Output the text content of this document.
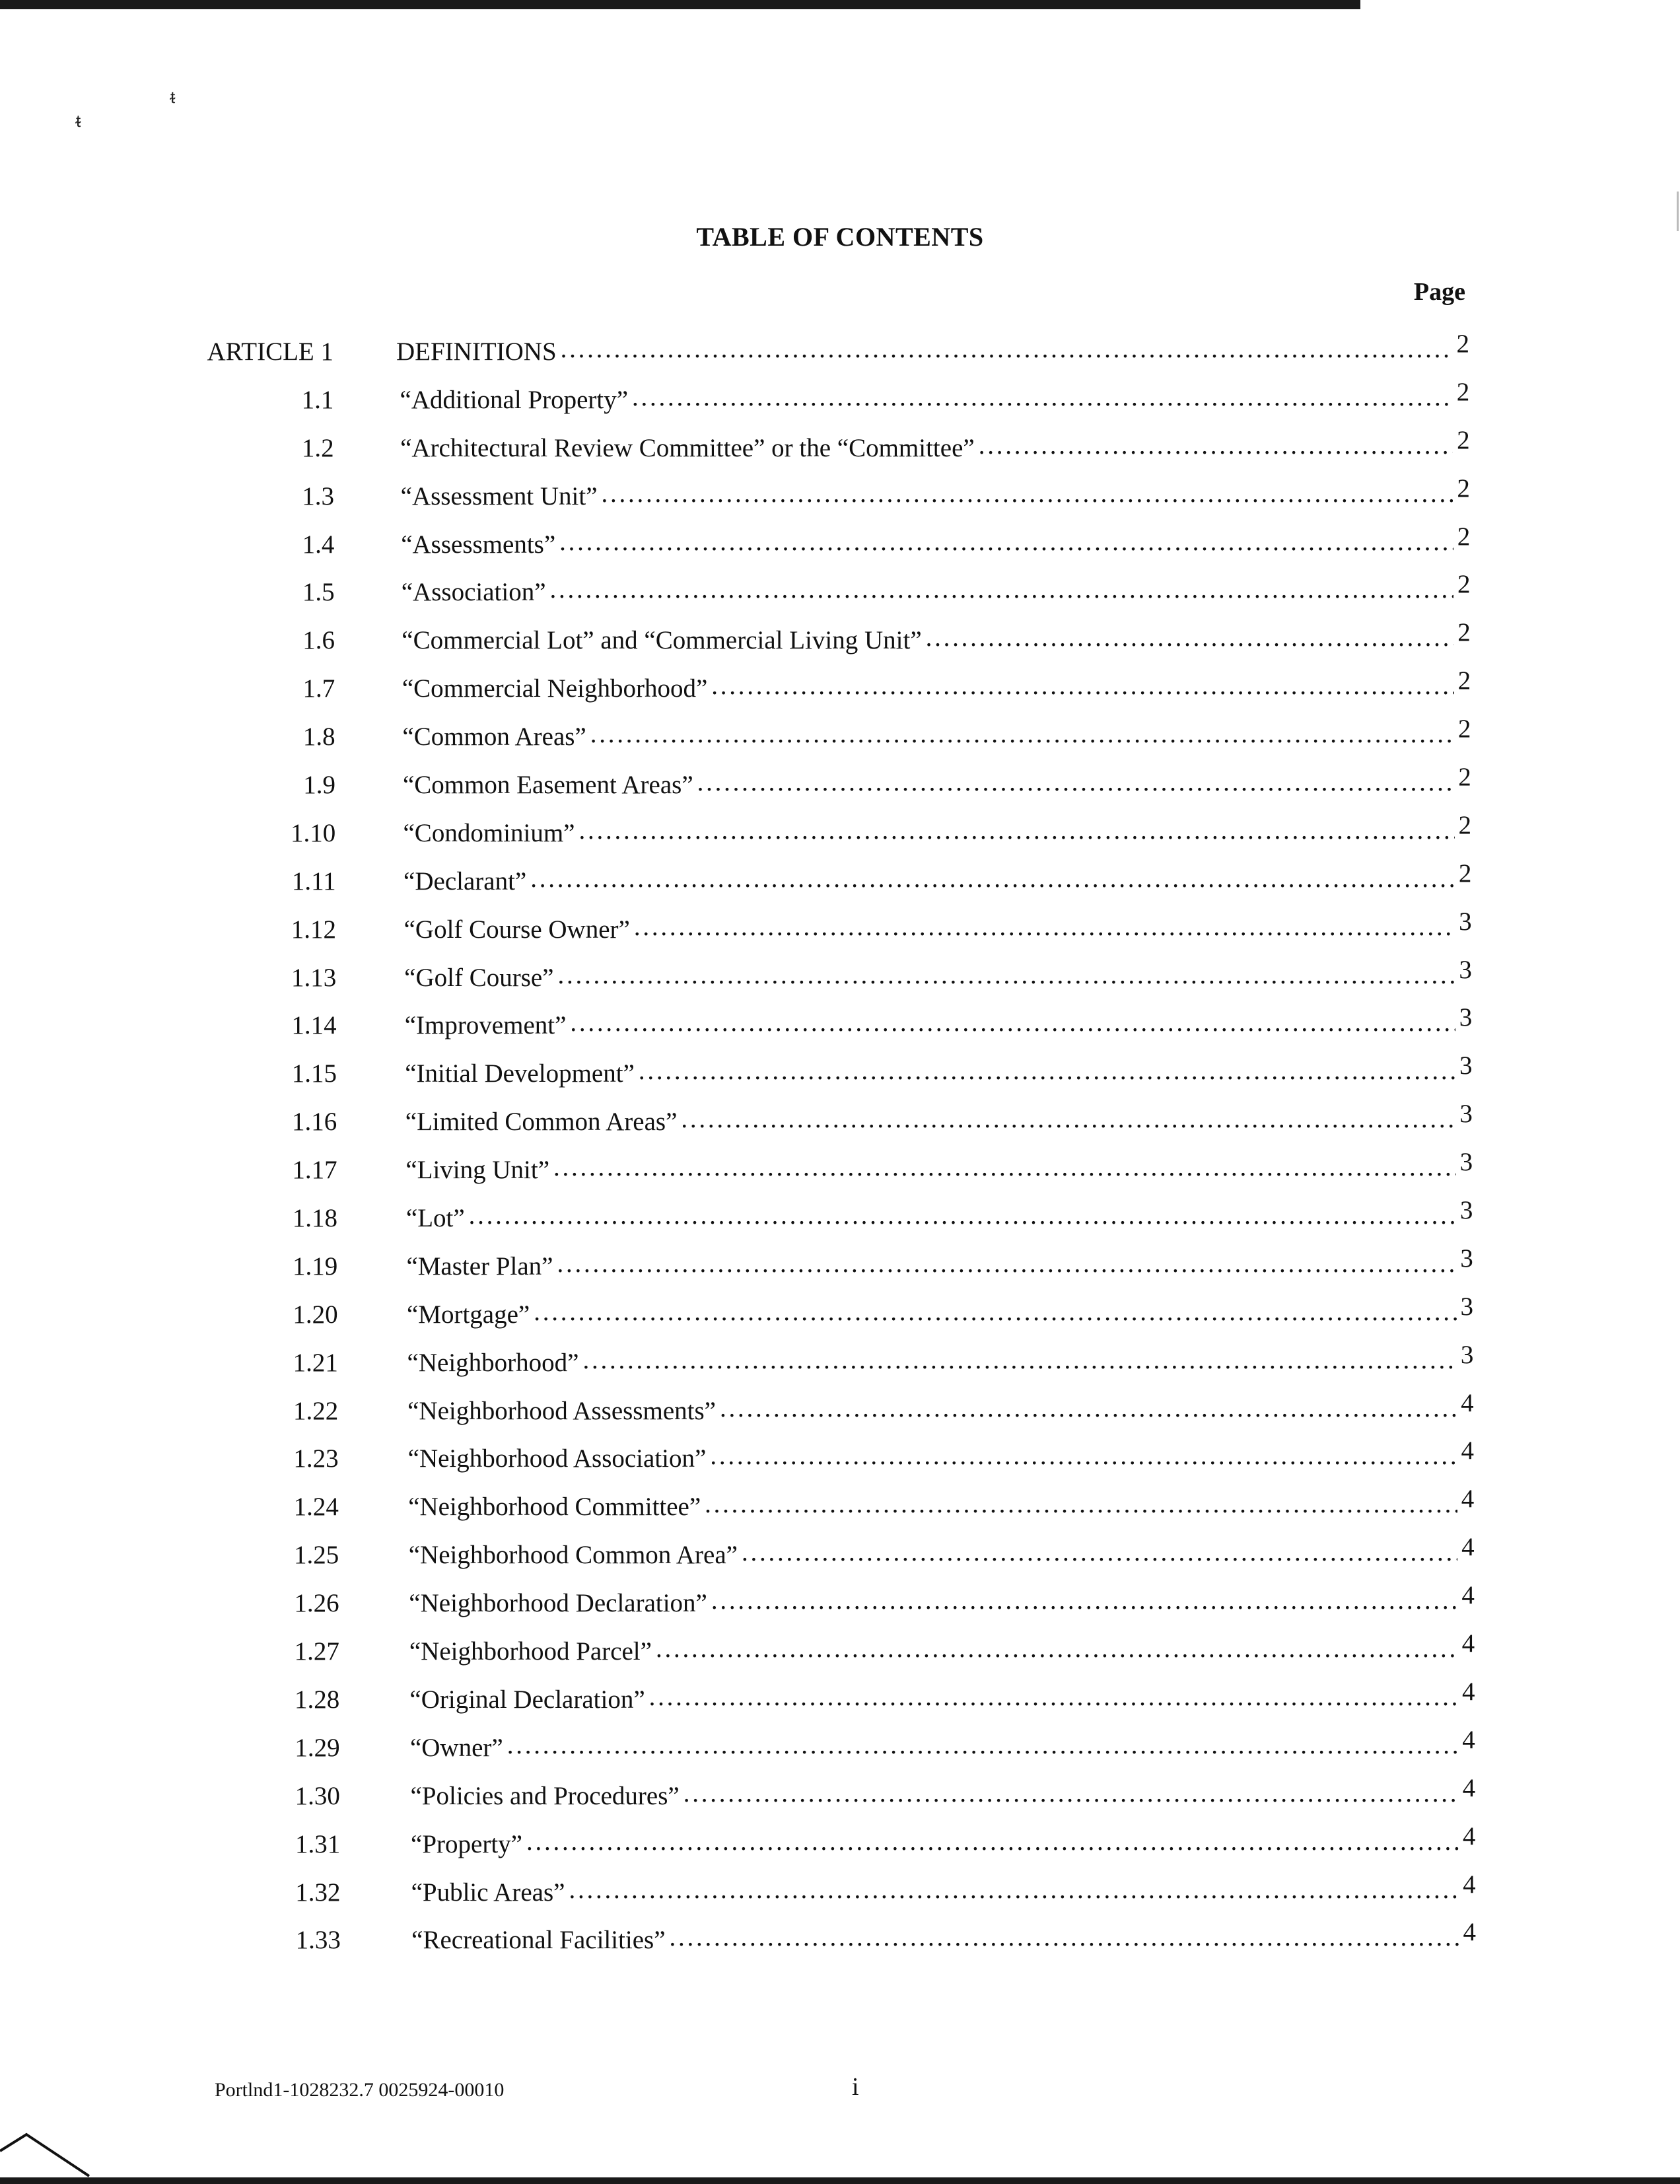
ᵵ
ᵵ
TABLE OF CONTENTS
Page
ARTICLE 1 DEFINITIONS . . .	2
1.1	“Additional Property” . . .	2
1.2	“Architectural Review Committee” or the “Committee” . . .	2
1.3	“Assessment Unit” . . .	2
1.4	“Assessments” . . .	2
1.5	“Association” . . .	2
1.6	“Commercial Lot” and “Commercial Living Unit” . . .	2
1.7	“Commercial Neighborhood” . . .	2
1.8	“Common Areas” . . .	2
1.9	“Common Easement Areas” . . .	2
1.10	“Condominium” . . .	2
1.11	“Declarant” . . .	2
1.12	“Golf Course Owner” . . .	3
1.13	“Golf Course” . . .	3
1.14	“Improvement” . . .	3
1.15	“Initial Development” . . .	3
1.16	“Limited Common Areas” . . .	3
1.17	“Living Unit” . . .	3
1.18	“Lot” . . .	3
1.19	“Master Plan” . . .	3
1.20	“Mortgage” . . .	3
1.21	“Neighborhood” . . .	3
1.22	“Neighborhood Assessments” . . .	4
1.23	“Neighborhood Association” . . .	4
1.24	“Neighborhood Committee” . . .	4
1.25	“Neighborhood Common Area” . . .	4
1.26	“Neighborhood Declaration” . . .	4
1.27	“Neighborhood Parcel” . . .	4
1.28	“Original Declaration” . . .	4
1.29	“Owner” . . .	4
1.30	“Policies and Procedures” . . .	4
1.31	“Property” . . .	4
1.32	“Public Areas” . . .	4
1.33	“Recreational Facilities” . . .	4
Portlnd1-1028232.7 0025924-00010	i
